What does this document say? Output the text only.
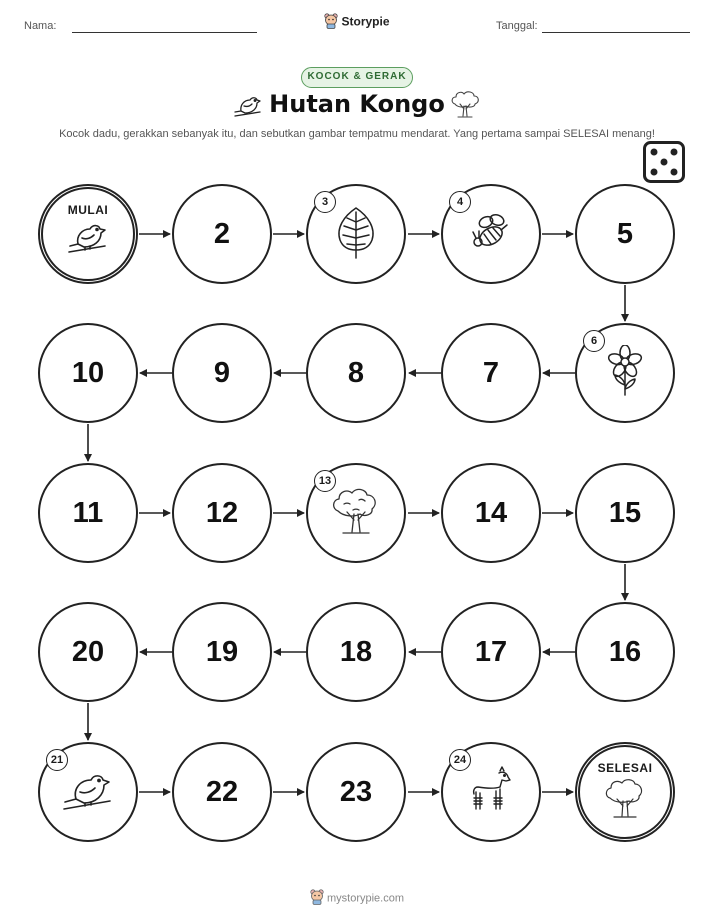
Nama:	Storypie	Tanggal:
KOCOK & GERAK
Hutan Kongo
Kocok dadu, gerakkan sebanyak itu, dan sebutkan gambar tempatmu mendarat. Yang pertama sampai SELESAI menang!
MULAI
2
3	4
5
10	9	8	7
6
11	12
13
14	15
20	19	18	17	16
21
22	23
24
SELESAI
mystorypie.com
